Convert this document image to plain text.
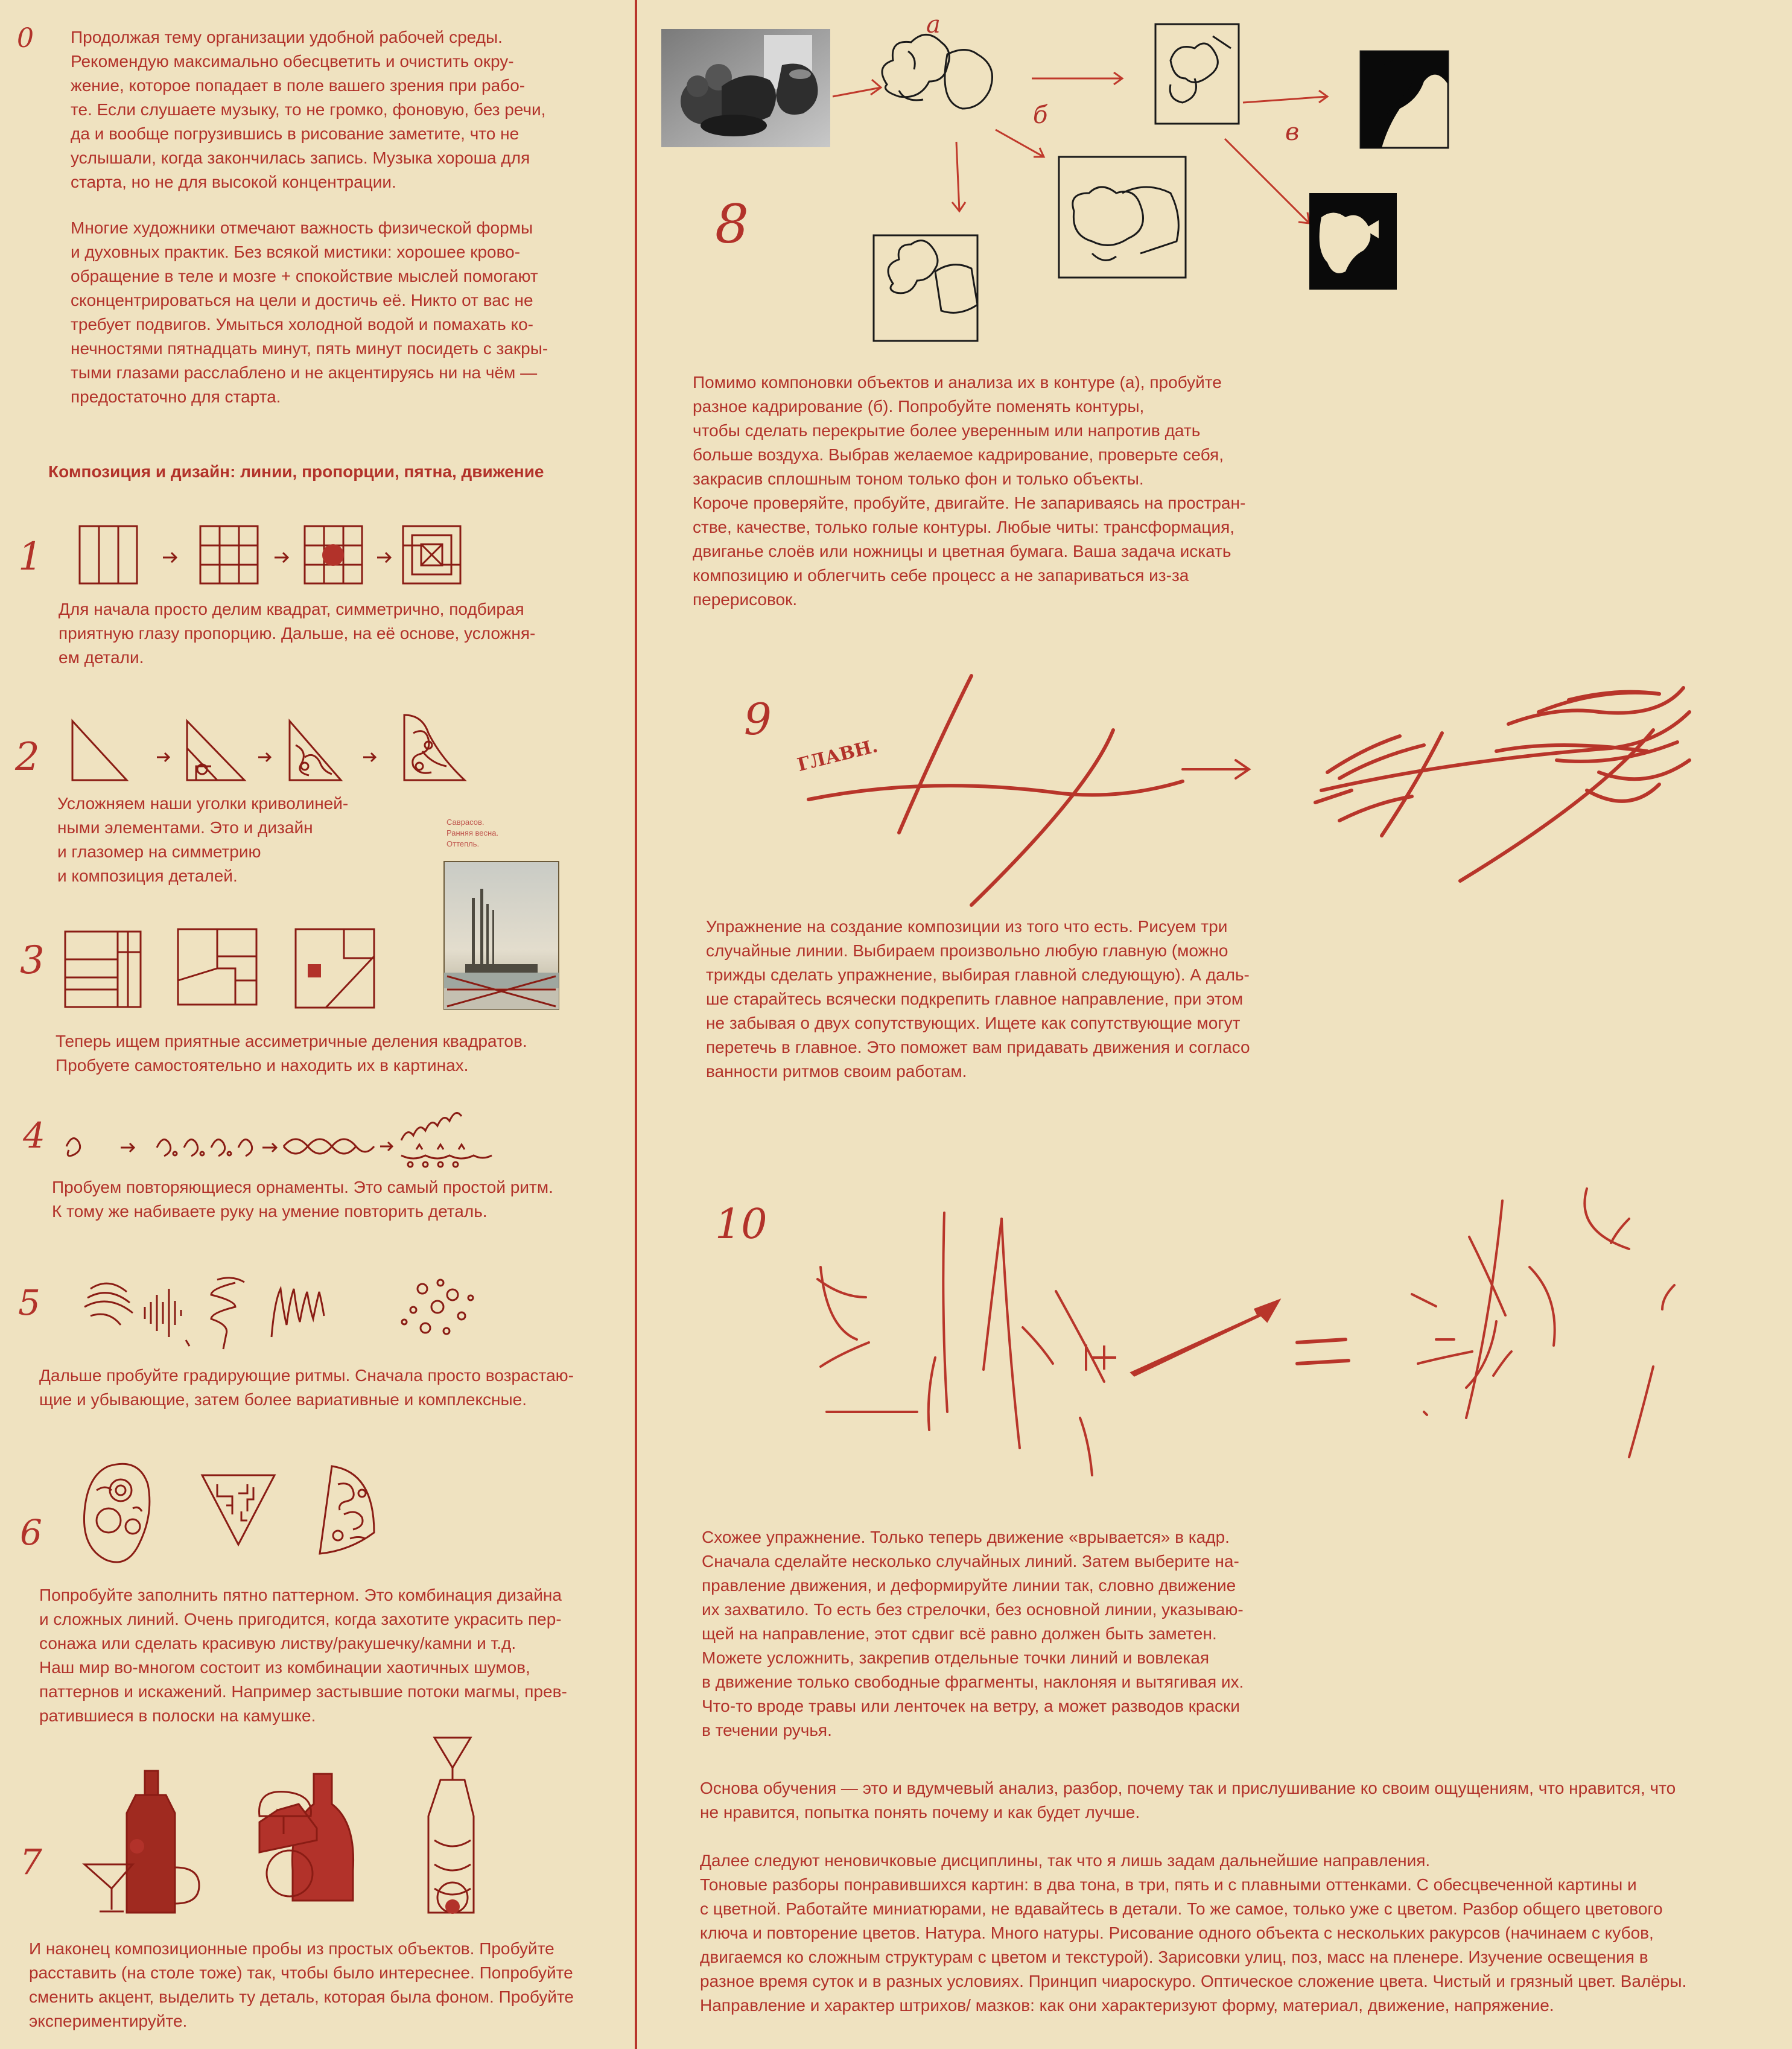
0 Продолжая тему организации удобной рабочей среды.
Рекомендую максимально обесцветить и очистить окру-
жение, которое попадает в поле вашего зрения при рабо-
те. Если слушаете музыку, то не громко, фоновую, без речи,
да и вообще погрузившись в рисование заметите, что не
услышали, когда закончилась запись. Музыка хороша для
старта, но не для высокой концентрации.
Многие художники отмечают важность физической формы
и духовных практик. Без всякой мистики: хорошее крово-
обращение в теле и мозге + спокойствие мыслей помогают
сконцентрироваться на цели и достичь её. Никто от вас не
требует подвигов. Умыться холодной водой и помахать ко-
нечностями пятнадцать минут, пять минут посидеть с закры-
тыми глазами расслаблено и не акцентируясь ни на чём —
предостаточно для старта.
Композиция и дизайн: линии, пропорции, пятна, движение
1
Для начала просто делим квадрат, симметрично, подбирая
приятную глазу пропорцию. Дальше, на её основе, усложня-
ем детали.
2
Усложняем наши уголки криволиней-
ными элементами. Это и дизайн
и глазомер на симметрию
и композиция деталей.
Саврасов.
Ранняя весна.
Оттепль.
3
Теперь ищем приятные ассиметричные деления квадратов.
Пробуете самостоятельно и находить их в картинах.
4
Пробуем повторяющиеся орнаменты. Это самый простой ритм.
К тому же набиваете руку на умение повторить деталь.
5
Дальше пробуйте градирующие ритмы. Сначала просто возрастаю-
щие и убывающие, затем более вариативные и комплексные.
6
Попробуйте заполнить пятно паттерном. Это комбинация дизайна
и сложных линий. Очень пригодится, когда захотите украсить пер-
сонажа или сделать красивую листву/ракушечку/камни и т.д.
Наш мир во-многом состоит из комбинации хаотичных шумов,
паттернов и искажений. Например застывшие потоки магмы, прев-
ратившиеся в полоски на камушке.
7
И наконец композиционные пробы из простых объектов. Пробуйте
расставить (на столе тоже) так, чтобы было интереснее. Попробуйте
сменить акцент, выделить ту деталь, которая была фоном. Пробуйте
экспериментируйте.
8
а
б
в
Помимо компоновки объектов и анализа их в контуре (а), пробуйте
разное кадрирование (б). Попробуйте поменять контуры,
чтобы сделать перекрытие более уверенным или напротив дать
больше воздуха. Выбрав желаемое кадрирование, проверьте себя,
закрасив сплошным тоном только фон и только объекты.
Короче проверяйте, пробуйте, двигайте. Не запариваясь на простран-
стве, качестве, только голые контуры. Любые читы: трансформация,
двиганье слоёв или ножницы и цветная бумага. Ваша задача искать
композицию и облегчить себе процесс а не запариваться из-за
перерисовок.
9
ГЛАВН.
Упражнение на создание композиции из того что есть. Рисуем три
случайные линии. Выбираем произвольно любую главную (можно
трижды сделать упражнение, выбирая главной следующую). А даль-
ше старайтесь всячески подкрепить главное направление, при этом
не забывая о двух сопутствующих. Ищете как сопутствующие могут
перетечь в главное. Это поможет вам придавать движения и согласо
ванности ритмов своим работам.
10
Схожее упражнение. Только теперь движение «врывается» в кадр.
Сначала сделайте несколько случайных линий. Затем выберите на-
правление движения, и деформируйте линии так, словно движение
их захватило. То есть без стрелочки, без основной линии, указываю-
щей на направление, этот сдвиг всё равно должен быть заметен.
Можете усложнить, закрепив отдельные точки линий и вовлекая
в движение только свободные фрагменты, наклоняя и вытягивая их.
Что-то вроде травы или ленточек на ветру, а может разводов краски
в течении ручья.
Основа обучения — это и вдумчевый анализ, разбор, почему так и прислушивание ко своим ощущениям, что нравится, что
не нравится, попытка понять почему и как будет лучше.
Далее следуют неновичковые дисциплины, так что я лишь задам дальнейшие направления.
Тоновые разборы понравившихся картин: в два тона, в три, пять и с плавными оттенками. С обесцвеченной картины и
с цветной. Работайте миниатюрами, не вдавайтесь в детали. То же самое, только уже с цветом. Разбор общего цветового
ключа и повторение цветов. Натура. Много натуры. Рисование одного объекта с нескольких ракурсов (начинаем с кубов,
двигаемся ко сложным структурам с цветом и текстурой). Зарисовки улиц, поз, масс на пленере. Изучение освещения в
разное время суток и в разных условиях. Принцип чиароскуро. Оптическое сложение цвета. Чистый и грязный цвет. Валёры.
Направление и характер штрихов/ мазков: как они характеризуют форму, материал, движение, напряжение.
